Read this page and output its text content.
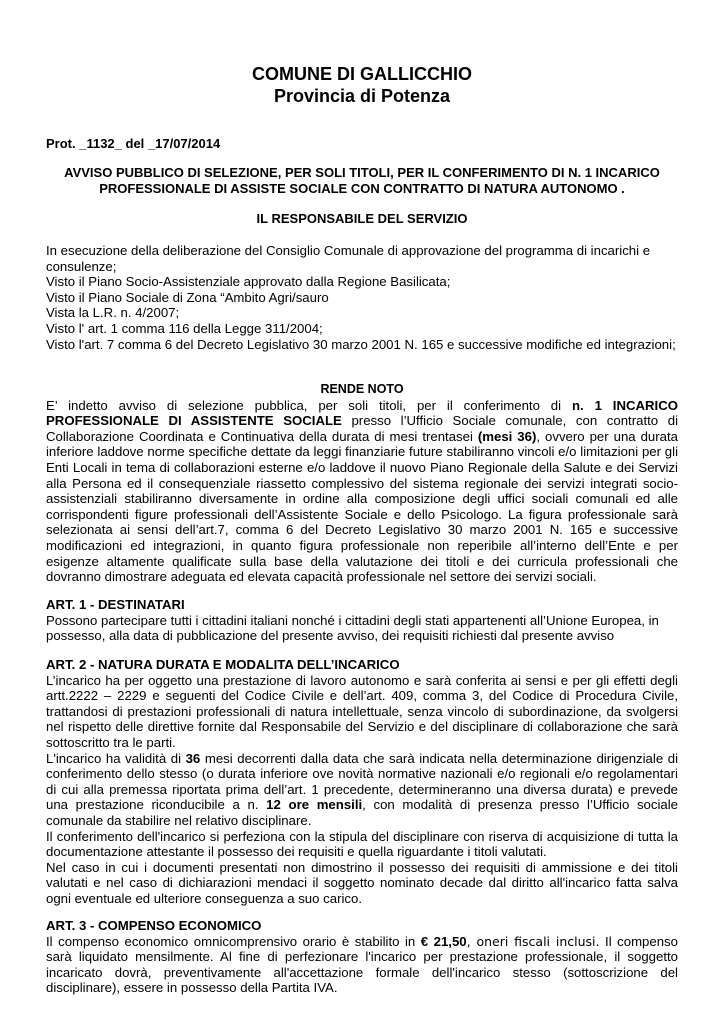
COMUNE DI GALLICCHIO
Provincia di Potenza
Prot. _1132_ del _17/07/2014
AVVISO PUBBLICO DI SELEZIONE, PER SOLI TITOLI, PER IL CONFERIMENTO DI N. 1 INCARICO PROFESSIONALE DI ASSISTE SOCIALE CON CONTRATTO DI NATURA AUTONOMO .
IL RESPONSABILE DEL SERVIZIO

In esecuzione della deliberazione del Consiglio Comunale di approvazione del programma di incarichi e consulenze;

Visto il Piano Socio-Assistenziale approvato dalla Regione Basilicata;

Visto il Piano Sociale di Zona “Ambito Agri/sauro

Vista la L.R. n. 4/2007;

Visto l' art. 1 comma 116 della Legge 311/2004;

Visto l'art. 7 comma 6 del Decreto Legislativo 30 marzo 2001 N. 165 e successive modifiche ed integrazioni;

RENDE NOTO

E’ indetto avviso di selezione pubblica, per soli titoli, per il conferimento di n. 1 INCARICO PROFESSIONALE DI ASSISTENTE SOCIALE presso l’Ufficio Sociale comunale, con contratto di Collaborazione Coordinata e Continuativa della durata di mesi trentasei (mesi 36), ovvero per una durata inferiore laddove norme specifiche dettate da leggi finanziarie future stabiliranno vincoli e/o limitazioni per gli Enti Locali in tema di collaborazioni esterne e/o laddove il nuovo Piano Regionale della Salute e dei Servizi alla Persona ed il consequenziale riassetto complessivo del sistema regionale dei servizi integrati socio-assistenziali stabiliranno diversamente in ordine alla composizione degli uffici sociali comunali ed alle corrispondenti figure professionali dell’Assistente Sociale e dello Psicologo. La figura professionale sarà selezionata ai sensi dell’art.7, comma 6 del Decreto Legislativo 30 marzo 2001 N. 165 e successive modificazioni ed integrazioni, in quanto figura professionale non reperibile all’interno dell’Ente e per esigenze altamente qualificate sulla base della valutazione dei titoli e dei curricula professionali che dovranno dimostrare adeguata ed elevata capacità professionale nel settore dei servizi sociali.

ART. 1 - DESTINATARI

Possono partecipare tutti i cittadini italiani nonché i cittadini degli stati appartenenti all’Unione Europea, in possesso, alla data di pubblicazione del presente avviso, dei requisiti richiesti dal presente avviso

ART. 2 - NATURA DURATA E MODALITA DELL’INCARICO

L’incarico ha per oggetto una prestazione di lavoro autonomo e sarà conferita ai sensi e per gli effetti degli artt.2222 – 2229 e seguenti del Codice Civile e dell’art. 409, comma 3, del Codice di Procedura Civile, trattandosi di prestazioni professionali di natura intellettuale, senza vincolo di subordinazione, da svolgersi nel rispetto delle direttive fornite dal Responsabile del Servizio e del disciplinare di collaborazione che sarà sottoscritto tra le parti.

L'incarico ha validità di 36 mesi decorrenti dalla data che sarà indicata nella determinazione dirigenziale di conferimento dello stesso (o durata inferiore ove novità normative nazionali e/o regionali e/o regolamentari di cui alla premessa riportata prima dell’art. 1 precedente, determineranno una diversa durata) e prevede una prestazione riconducibile a n. 12 ore mensili, con modalità di presenza presso l’Ufficio sociale comunale da stabilire nel relativo disciplinare.

Il conferimento dell'incarico si perfeziona con la stipula del disciplinare con riserva di acquisizione di tutta la documentazione attestante il possesso dei requisiti e quella riguardante i titoli valutati.

Nel caso in cui i documenti presentati non dimostrino il possesso dei requisiti di ammissione e dei titoli valutati e nel caso di dichiarazioni mendaci il soggetto nominato decade dal diritto all'incarico fatta salva ogni eventuale ed ulteriore conseguenza a suo carico.

ART. 3 - COMPENSO ECONOMICO

Il compenso economico omnicomprensivo orario è stabilito in € 21,50, oneri fiscali inclusi. Il compenso sarà liquidato mensilmente. Al fine di perfezionare l'incarico per prestazione professionale, il soggetto incaricato dovrà, preventivamente all'accettazione formale dell'incarico stesso (sottoscrizione del disciplinare), essere in possesso della Partita IVA.
